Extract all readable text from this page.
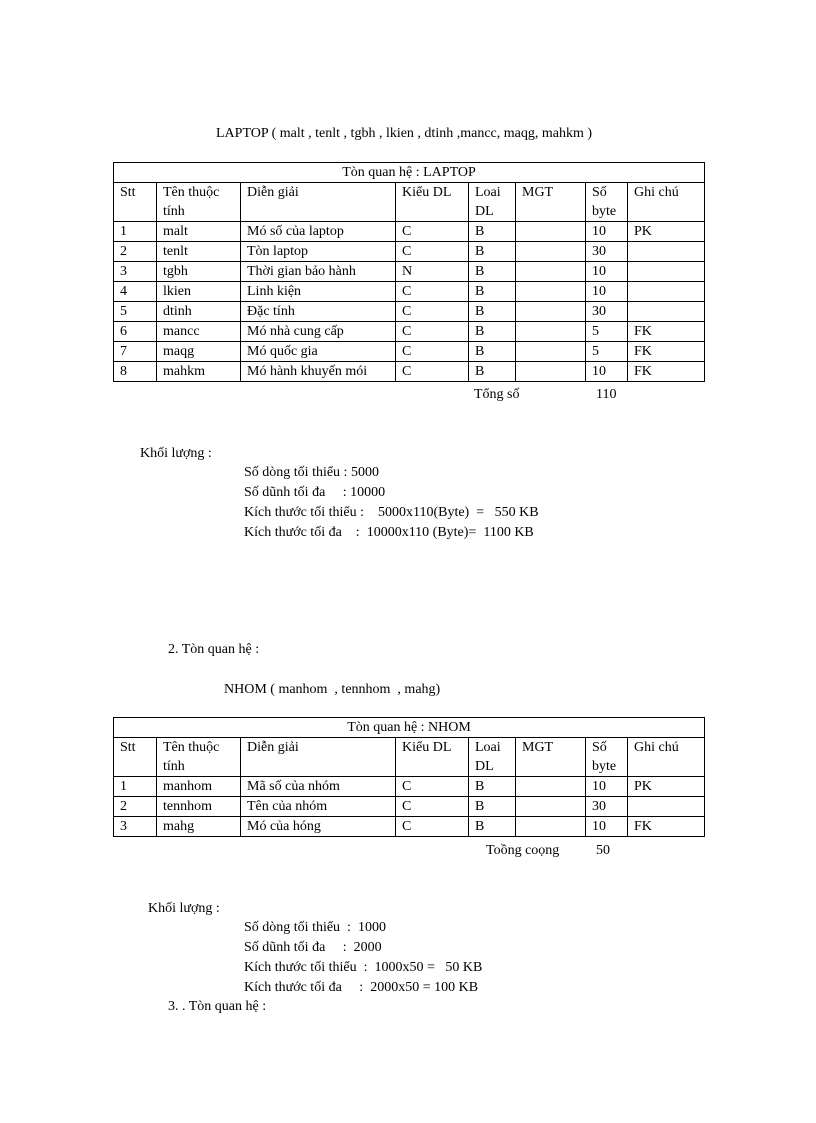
LAPTOP ( malt , tenlt , tgbh , lkien , dtinh ,mancc, maqg, mahkm )
Tòn quan hệ : LAPTOP							
Stt	Tên thuộc tính	Diễn giải	Kiểu DL	Loai DL	MGT	Số byte	Ghi chú
1	malt	Mó số của laptop	C	B		10	PK
2	tenlt	Tòn laptop	C	B		30	
3	tgbh	Thời gian bảo hành	N	B		10	
4	lkien	Linh kiện	C	B		10	
5	dtinh	Đặc tính	C	B		30	
6	mancc	Mó nhà cung cấp	C	B		5	FK
7	maqg	Mó quốc gia	C	B		5	FK
8	mahkm	Mó hành khuyến mói	C	B		10	FK
Tổng số	110
Khối lượng :
Số dòng tối thiểu : 5000
Số dũnh tối đa     : 10000
Kích thước tối thiểu :    5000x110(Byte)  =   550 KB
Kích thước tối đa    :  10000x110 (Byte)=  1100 KB
2. Tòn quan hệ :
NHOM ( manhom  , tennhom  , mahg)
Tòn quan hệ : NHOM							
Stt	Tên thuộc tính	Diễn giải	Kiểu DL	Loai DL	MGT	Số byte	Ghi chú
1	manhom	Mã số của nhóm	C	B		10	PK
2	tennhom	Tên của nhóm	C	B		30	
3	mahg	Mó của hóng	C	B		10	FK
Toồng coọng	50
Khối lượng :
Số dòng tối thiểu  :  1000
Số dũnh tối đa     :  2000
Kích thước tối thiểu  :  1000x50 =   50 KB
Kích thước tối đa     :  2000x50 = 100 KB
3. . Tòn quan hệ :
